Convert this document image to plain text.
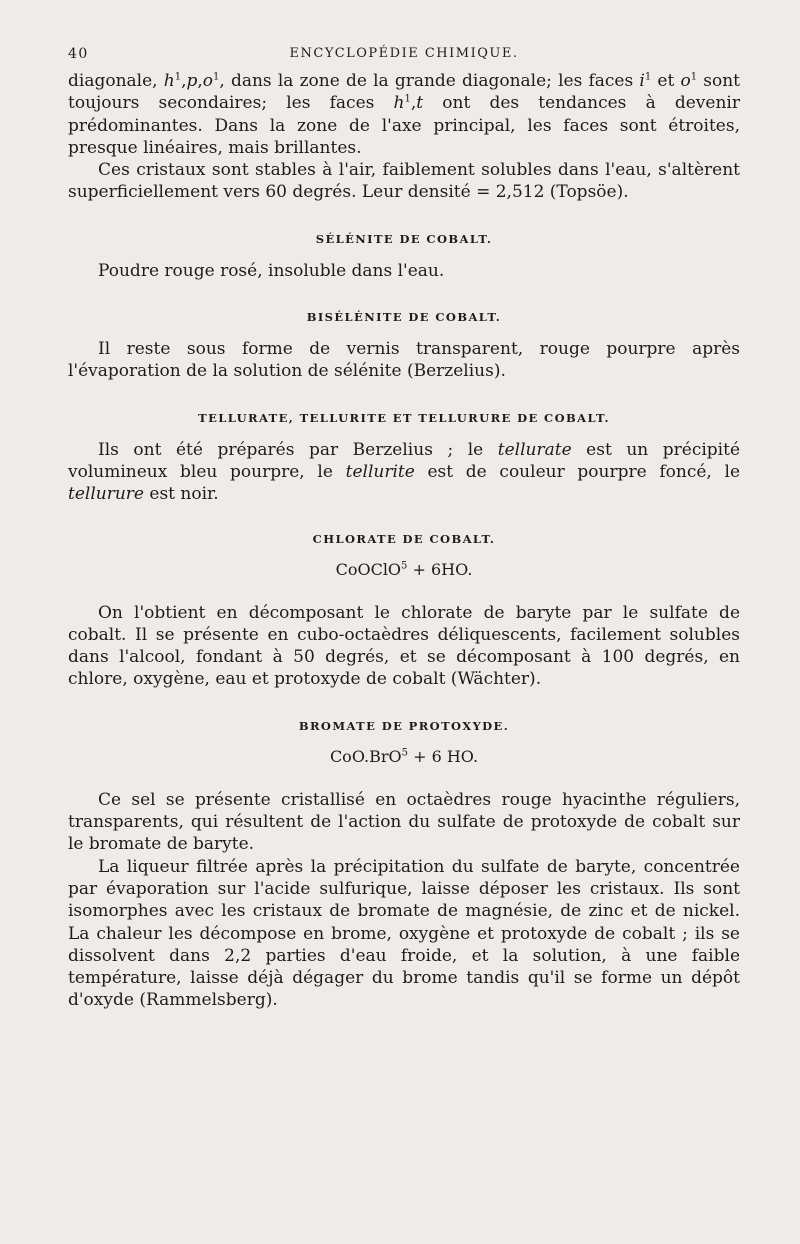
40	ENCYCLOPÉDIE CHIMIQUE.

diagonale, $h^1,p,o^1$, dans la zone de la grande diagonale; les faces $i^1$ et $o^1$ sont toujours secondaires; les faces $h^1,t$ ont des tendances à devenir prédominantes. Dans la zone de l'axe principal, les faces sont étroites, presque linéaires, mais brillantes.

Ces cristaux sont stables à l'air, faiblement solubles dans l'eau, s'altèrent superficiellement vers 60 degrés. Leur densité = 2,512 (Topsöe).

SÉLÉNITE DE COBALT.

Poudre rouge rosé, insoluble dans l'eau.

BISÉLÉNITE DE COBALT.

Il reste sous forme de vernis transparent, rouge pourpre après l'évaporation de la solution de sélénite (Berzelius).

TELLURATE, TELLURITE ET TELLURURE DE COBALT.

Ils ont été préparés par Berzelius ; le tellurate est un précipité volumineux bleu pourpre, le tellurite est de couleur pourpre foncé, le tellurure est noir.

CHLORATE DE COBALT.
CoOClO$^5$ + 6HO.

On l'obtient en décomposant le chlorate de baryte par le sulfate de cobalt. Il se présente en cubo-octaèdres déliquescents, facilement solubles dans l'alcool, fondant à 50 degrés, et se décomposant à 100 degrés, en chlore, oxygène, eau et protoxyde de cobalt (Wächter).

BROMATE DE PROTOXYDE.
CoO.BrO$^5$ + 6 HO.

Ce sel se présente cristallisé en octaèdres rouge hyacinthe réguliers, transparents, qui résultent de l'action du sulfate de protoxyde de cobalt sur le bromate de baryte.

La liqueur filtrée après la précipitation du sulfate de baryte, concentrée par évaporation sur l'acide sulfurique, laisse déposer les cristaux. Ils sont isomorphes avec les cristaux de bromate de magnésie, de zinc et de nickel. La chaleur les décompose en brome, oxygène et protoxyde de cobalt ; ils se dissolvent dans 2,2 parties d'eau froide, et la solution, à une faible température, laisse déjà dégager du brome tandis qu'il se forme un dépôt d'oxyde (Rammelsberg).
